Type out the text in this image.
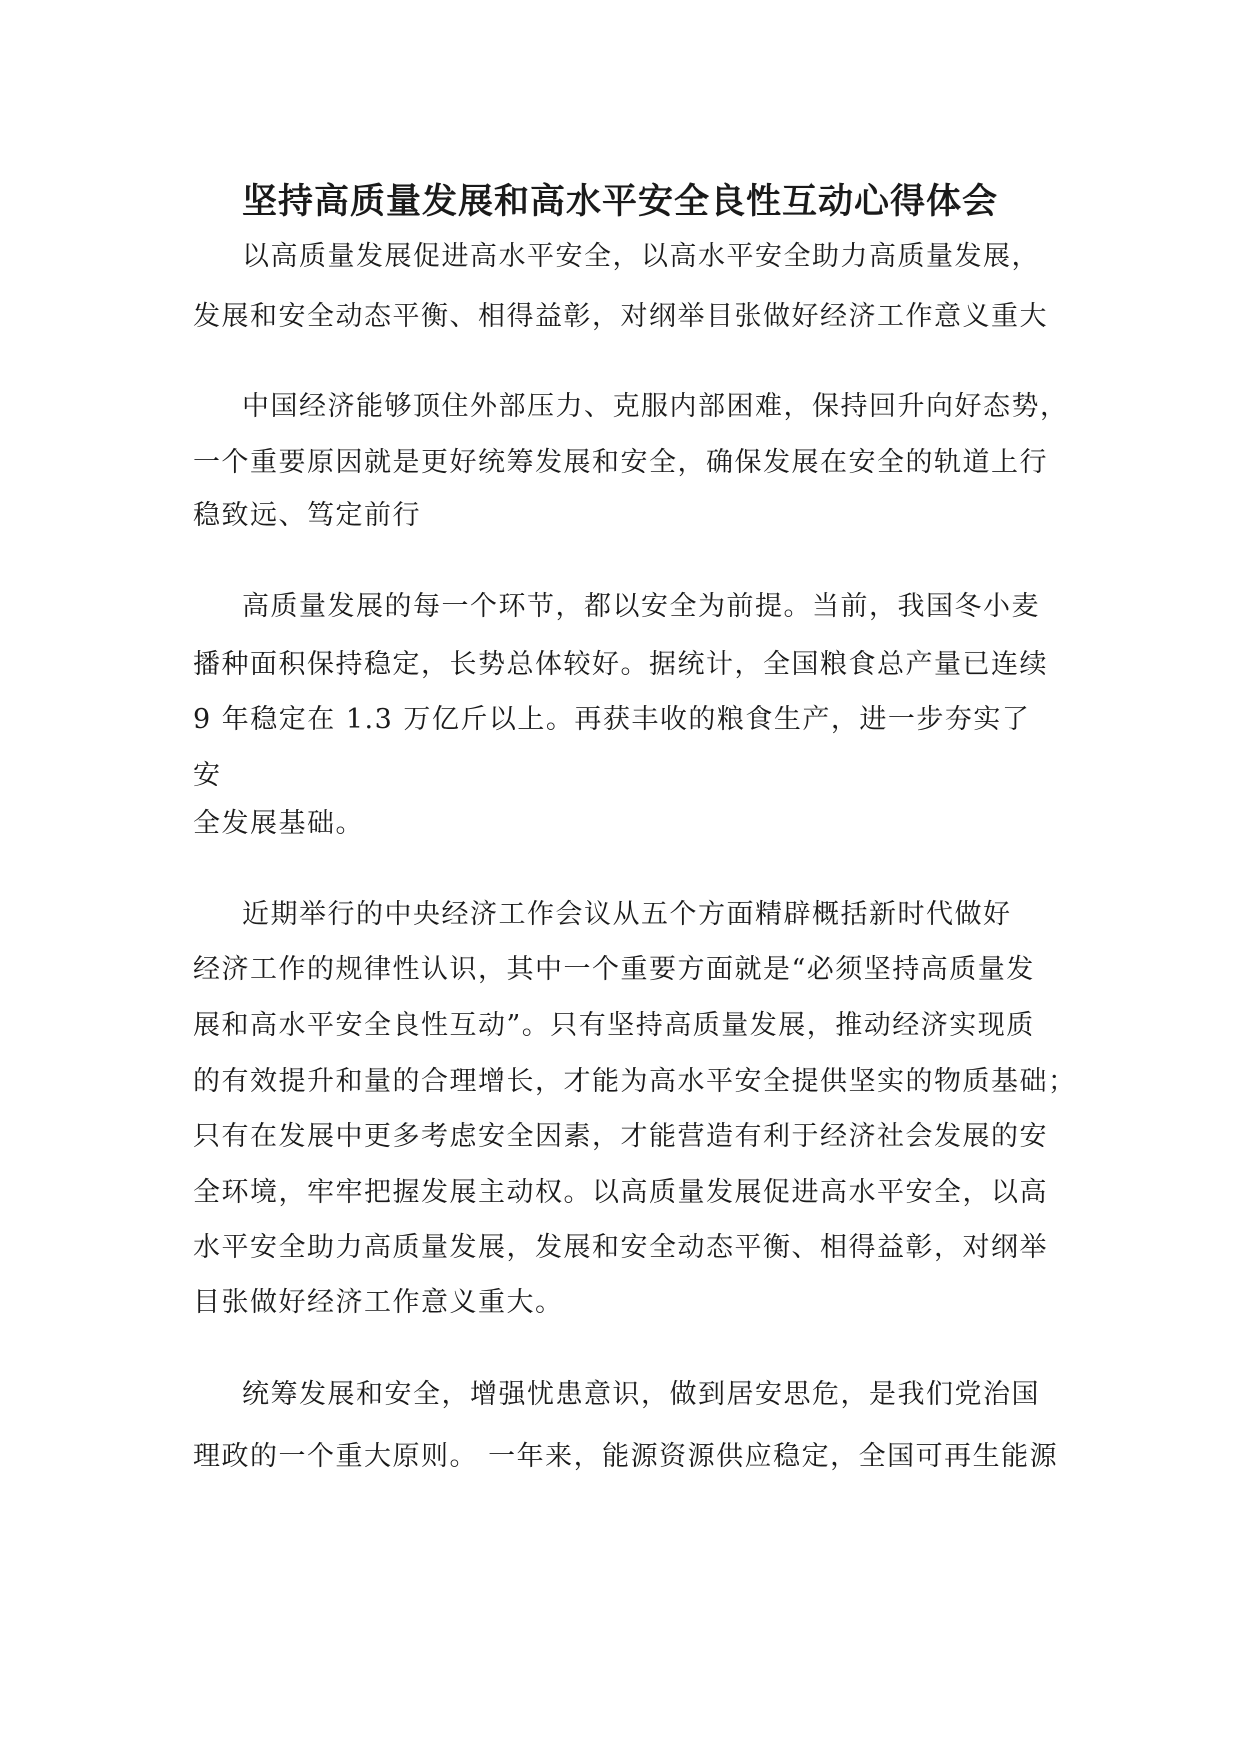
坚持高质量发展和高水平安全良性互动心得体会

以高质量发展促进高水平安全，以高水平安全助力高质量发展，

发展和安全动态平衡、相得益彰，对纲举目张做好经济工作意义重大

中国经济能够顶住外部压力、克服内部困难，保持回升向好态势，

一个重要原因就是更好统筹发展和安全，确保发展在安全的轨道上行

稳致远、笃定前行

高质量发展的每一个环节，都以安全为前提。当前，我国冬小麦

播种面积保持稳定，长势总体较好。据统计，全国粮食总产量已连续

9 年稳定在 1.3 万亿斤以上。再获丰收的粮食生产，进一步夯实了

安

全发展基础。

近期举行的中央经济工作会议从五个方面精辟概括新时代做好

经济工作的规律性认识，其中一个重要方面就是“必须坚持高质量发

展和高水平安全良性互动”。只有坚持高质量发展，推动经济实现质

的有效提升和量的合理增长，才能为高水平安全提供坚实的物质基础；

只有在发展中更多考虑安全因素，才能营造有利于经济社会发展的安

全环境，牢牢把握发展主动权。以高质量发展促进高水平安全，以高

水平安全助力高质量发展，发展和安全动态平衡、相得益彰，对纲举

目张做好经济工作意义重大。

统筹发展和安全，增强忧患意识，做到居安思危，是我们党治国

理政的一个重大原则。 一年来，能源资源供应稳定，全国可再生能源
